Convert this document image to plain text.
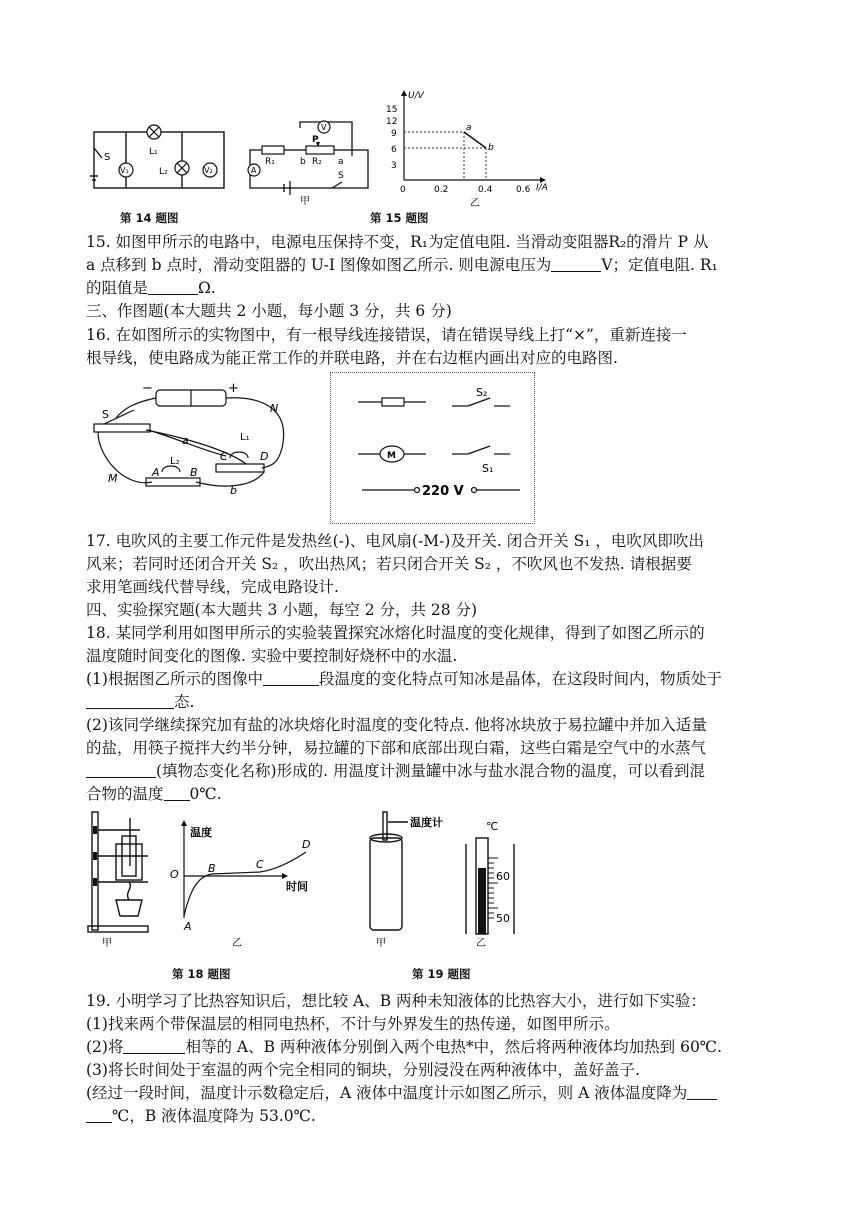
S	L₁
L₂
V₁	V₂
第 14 题图
V
A
R₁	R₂
P
b	a
S
甲
U/V
I/A
15
12
9
6
3
0	0.2	0.4	0.6
a
b
乙
第 15 题图
15. 如图甲所示的电路中，电源电压保持不变，R₁为定值电阻. 当滑动变阻器R₂的滑片 P 从
a 点移到 b 点时，滑动变阻器的 U-I 图像如图乙所示. 则电源电压为	V；定值电阻. R₁
的阻值是	Ω.
三、作图题(本大题共 2 小题，每小题 3 分，共 6 分)
16. 在如图所示的实物图中，有一根导线连接错误，请在错误导线上打“×”，重新连接一
根导线，使电路成为能正常工作的并联电路，并在右边框内画出对应的电路图.
−	+
S
L₁
L₂	C	D
A	B
a
b
M
N
S₂
S₁
M
220 V
17. 电吹风的主要工作元件是发热丝(-)、电风扇(-M-)及开关. 闭合开关 S₁ ，电吹风即吹出
风来；若同时还闭合开关 S₂ ，吹出热风；若只闭合开关 S₂ ，不吹风也不发热. 请根据要
求用笔画线代替导线，完成电路设计.
四、实验探究题(本大题共 3 小题，每空 2 分，共 28 分)
18. 某同学利用如图甲所示的实验装置探究冰熔化时温度的变化规律，得到了如图乙所示的
温度随时间变化的图像. 实验中要控制好烧杯中的水温.
(1)根据图乙所示的图像中	段温度的变化特点可知冰是晶体，在这段时间内，物质处于
态.
(2)该同学继续探究加有盐的冰块熔化时温度的变化特点. 他将冰块放于易拉罐中并加入适量
的盐，用筷子搅拌大约半分钟，易拉罐的下部和底部出现白霜，这些白霜是空气中的水蒸气
(填物态变化名称)形成的. 用温度计测量罐中冰与盐水混合物的温度，可以看到混
合物的温度 0℃.
甲
温度
时间
O
A
B	C
D
乙
第 18 题图
温度计	℃
60
50
甲	乙
第 19 题图
19. 小明学习了比热容知识后，想比较 A、B 两种未知液体的比热容大小，进行如下实验：
(1)找来两个带保温层的相同电热杯，不计与外界发生的热传递，如图甲所示。
(2)将	相等的 A、B 两种液体分别倒入两个电热*中，然后将两种液体均加热到 60℃.
(3)将长时间处于室温的两个完全相同的铜块，分别浸没在两种液体中，盖好盖子.
(经过一段时间，温度计示数稳定后，A 液体中温度计示如图乙所示，则 A 液体温度降为
℃，B 液体温度降为 53.0℃.
